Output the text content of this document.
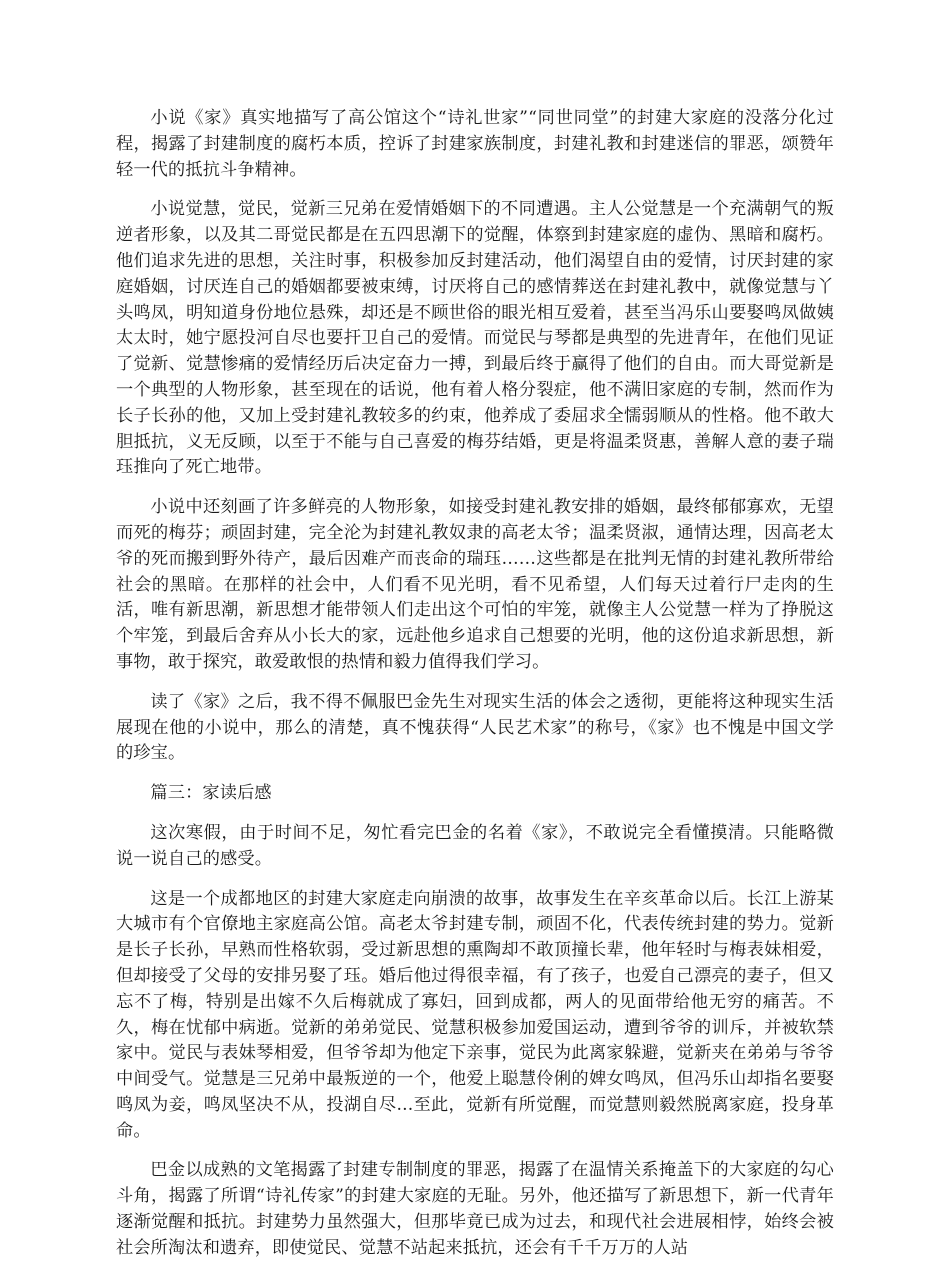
小说《家》真实地描写了高公馆这个“诗礼世家”“同世同堂”的封建大家庭的没落分化过程，揭露了封建制度的腐朽本质，控诉了封建家族制度，封建礼教和封建迷信的罪恶，颂赞年轻一代的抵抗斗争精神。

小说觉慧，觉民，觉新三兄弟在爱情婚姻下的不同遭遇。主人公觉慧是一个充满朝气的叛逆者形象，以及其二哥觉民都是在五四思潮下的觉醒，体察到封建家庭的虚伪、黑暗和腐朽。他们追求先进的思想，关注时事，积极参加反封建活动，他们渴望自由的爱情，讨厌封建的家庭婚姻，讨厌连自己的婚姻都要被束缚，讨厌将自己的感情葬送在封建礼教中，就像觉慧与丫头鸣凤，明知道身份地位悬殊，却还是不顾世俗的眼光相互爱着，甚至当冯乐山要娶鸣凤做姨太太时，她宁愿投河自尽也要扞卫自己的爱情。而觉民与琴都是典型的先进青年，在他们见证了觉新、觉慧惨痛的爱情经历后决定奋力一搏，到最后终于赢得了他们的自由。而大哥觉新是一个典型的人物形象，甚至现在的话说，他有着人格分裂症，他不满旧家庭的专制，然而作为长子长孙的他，又加上受封建礼教较多的约束，他养成了委屈求全懦弱顺从的性格。他不敢大胆抵抗，义无反顾，以至于不能与自己喜爱的梅芬结婚，更是将温柔贤惠，善解人意的妻子瑞珏推向了死亡地带。

小说中还刻画了许多鲜亮的人物形象，如接受封建礼教安排的婚姻，最终郁郁寡欢，无望而死的梅芬；顽固封建，完全沦为封建礼教奴隶的高老太爷；温柔贤淑，通情达理，因高老太爷的死而搬到野外待产，最后因难产而丧命的瑞珏……这些都是在批判无情的封建礼教所带给社会的黑暗。在那样的社会中，人们看不见光明，看不见希望，人们每天过着行尸走肉的生活，唯有新思潮，新思想才能带领人们走出这个可怕的牢笼，就像主人公觉慧一样为了挣脱这个牢笼，到最后舍弃从小长大的家，远赴他乡追求自己想要的光明，他的这份追求新思想，新事物，敢于探究，敢爱敢恨的热情和毅力值得我们学习。

读了《家》之后，我不得不佩服巴金先生对现实生活的体会之透彻，更能将这种现实生活展现在他的小说中，那么的清楚，真不愧获得“人民艺术家”的称号，《家》也不愧是中国文学的珍宝。

篇三：家读后感

这次寒假，由于时间不足，匆忙看完巴金的名着《家》，不敢说完全看懂摸清。只能略微说一说自己的感受。

这是一个成都地区的封建大家庭走向崩溃的故事，故事发生在辛亥革命以后。长江上游某大城市有个官僚地主家庭高公馆。高老太爷封建专制，顽固不化，代表传统封建的势力。觉新是长子长孙，早熟而性格软弱，受过新思想的熏陶却不敢顶撞长辈，他年轻时与梅表妹相爱，但却接受了父母的安排另娶了珏。婚后他过得很幸福，有了孩子，也爱自己漂亮的妻子，但又忘不了梅，特别是出嫁不久后梅就成了寡妇，回到成都，两人的见面带给他无穷的痛苦。不久，梅在忧郁中病逝。觉新的弟弟觉民、觉慧积极参加爱国运动，遭到爷爷的训斥，并被软禁家中。觉民与表妹琴相爱，但爷爷却为他定下亲事，觉民为此离家躲避，觉新夹在弟弟与爷爷中间受气。觉慧是三兄弟中最叛逆的一个，他爱上聪慧伶俐的婢女鸣凤，但冯乐山却指名要娶鸣凤为妾，鸣凤坚决不从，投湖自尽...至此，觉新有所觉醒，而觉慧则毅然脱离家庭，投身革命。

巴金以成熟的文笔揭露了封建专制制度的罪恶，揭露了在温情关系掩盖下的大家庭的勾心斗角，揭露了所谓“诗礼传家”的封建大家庭的无耻。另外，他还描写了新思想下，新一代青年逐渐觉醒和抵抗。封建势力虽然强大，但那毕竟已成为过去，和现代社会进展相悖，始终会被社会所淘汰和遗弃，即使觉民、觉慧不站起来抵抗，还会有千千万万的人站
